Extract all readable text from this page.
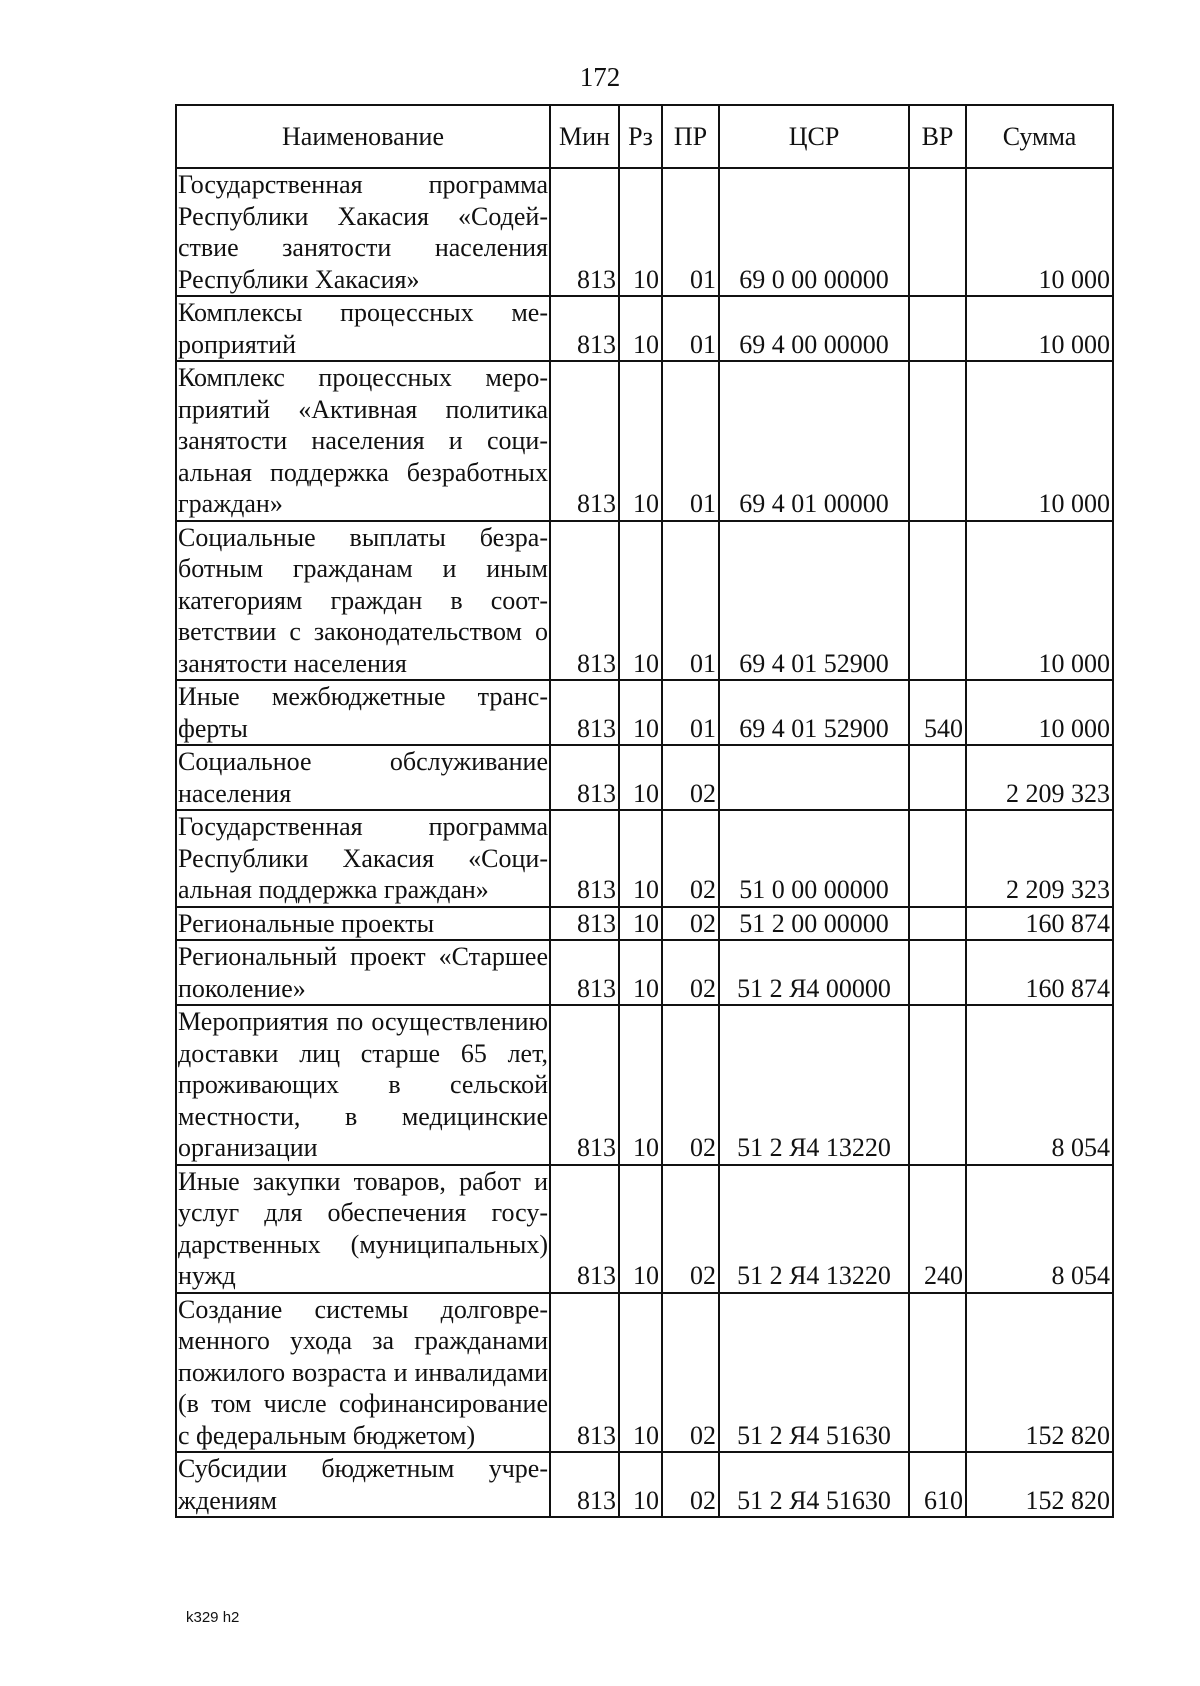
172
Наименование	Мин	Рз	ПР	ЦСР	ВР	Сумма
Государственная программа Республики Хакасия «Содействие занятости населения Республики Хакасия»	813	10	01	69 0 00 00000		10 000
Комплексы процессных мероприятий	813	10	01	69 4 00 00000		10 000
Комплекс процессных мероприятий «Активная политика занятости населения и социальная поддержка безработных граждан»	813	10	01	69 4 01 00000		10 000
Социальные выплаты безработным гражданам и иным категориям граждан в соответствии с законодательством о занятости населения	813	10	01	69 4 01 52900		10 000
Иные межбюджетные трансферты	813	10	01	69 4 01 52900	540	10 000
Социальное обслуживание населения	813	10	02			2 209 323
Государственная программа Республики Хакасия «Социальная поддержка граждан»	813	10	02	51 0 00 00000		2 209 323
Региональные проекты	813	10	02	51 2 00 00000		160 874
Региональный проект «Старшее поколение»	813	10	02	51 2 Я4 00000		160 874
Мероприятия по осуществлению доставки лиц старше 65 лет, проживающих в сельской местности, в медицинские организации	813	10	02	51 2 Я4 13220		8 054
Иные закупки товаров, работ и услуг для обеспечения государственных (муниципальных) нужд	813	10	02	51 2 Я4 13220	240	8 054
Создание системы долговременного ухода за гражданами пожилого возраста и инвалидами (в том числе софинансирование с федеральным бюджетом)	813	10	02	51 2 Я4 51630		152 820
Субсидии бюджетным учреждениям	813	10	02	51 2 Я4 51630	610	152 820
k329 h2
